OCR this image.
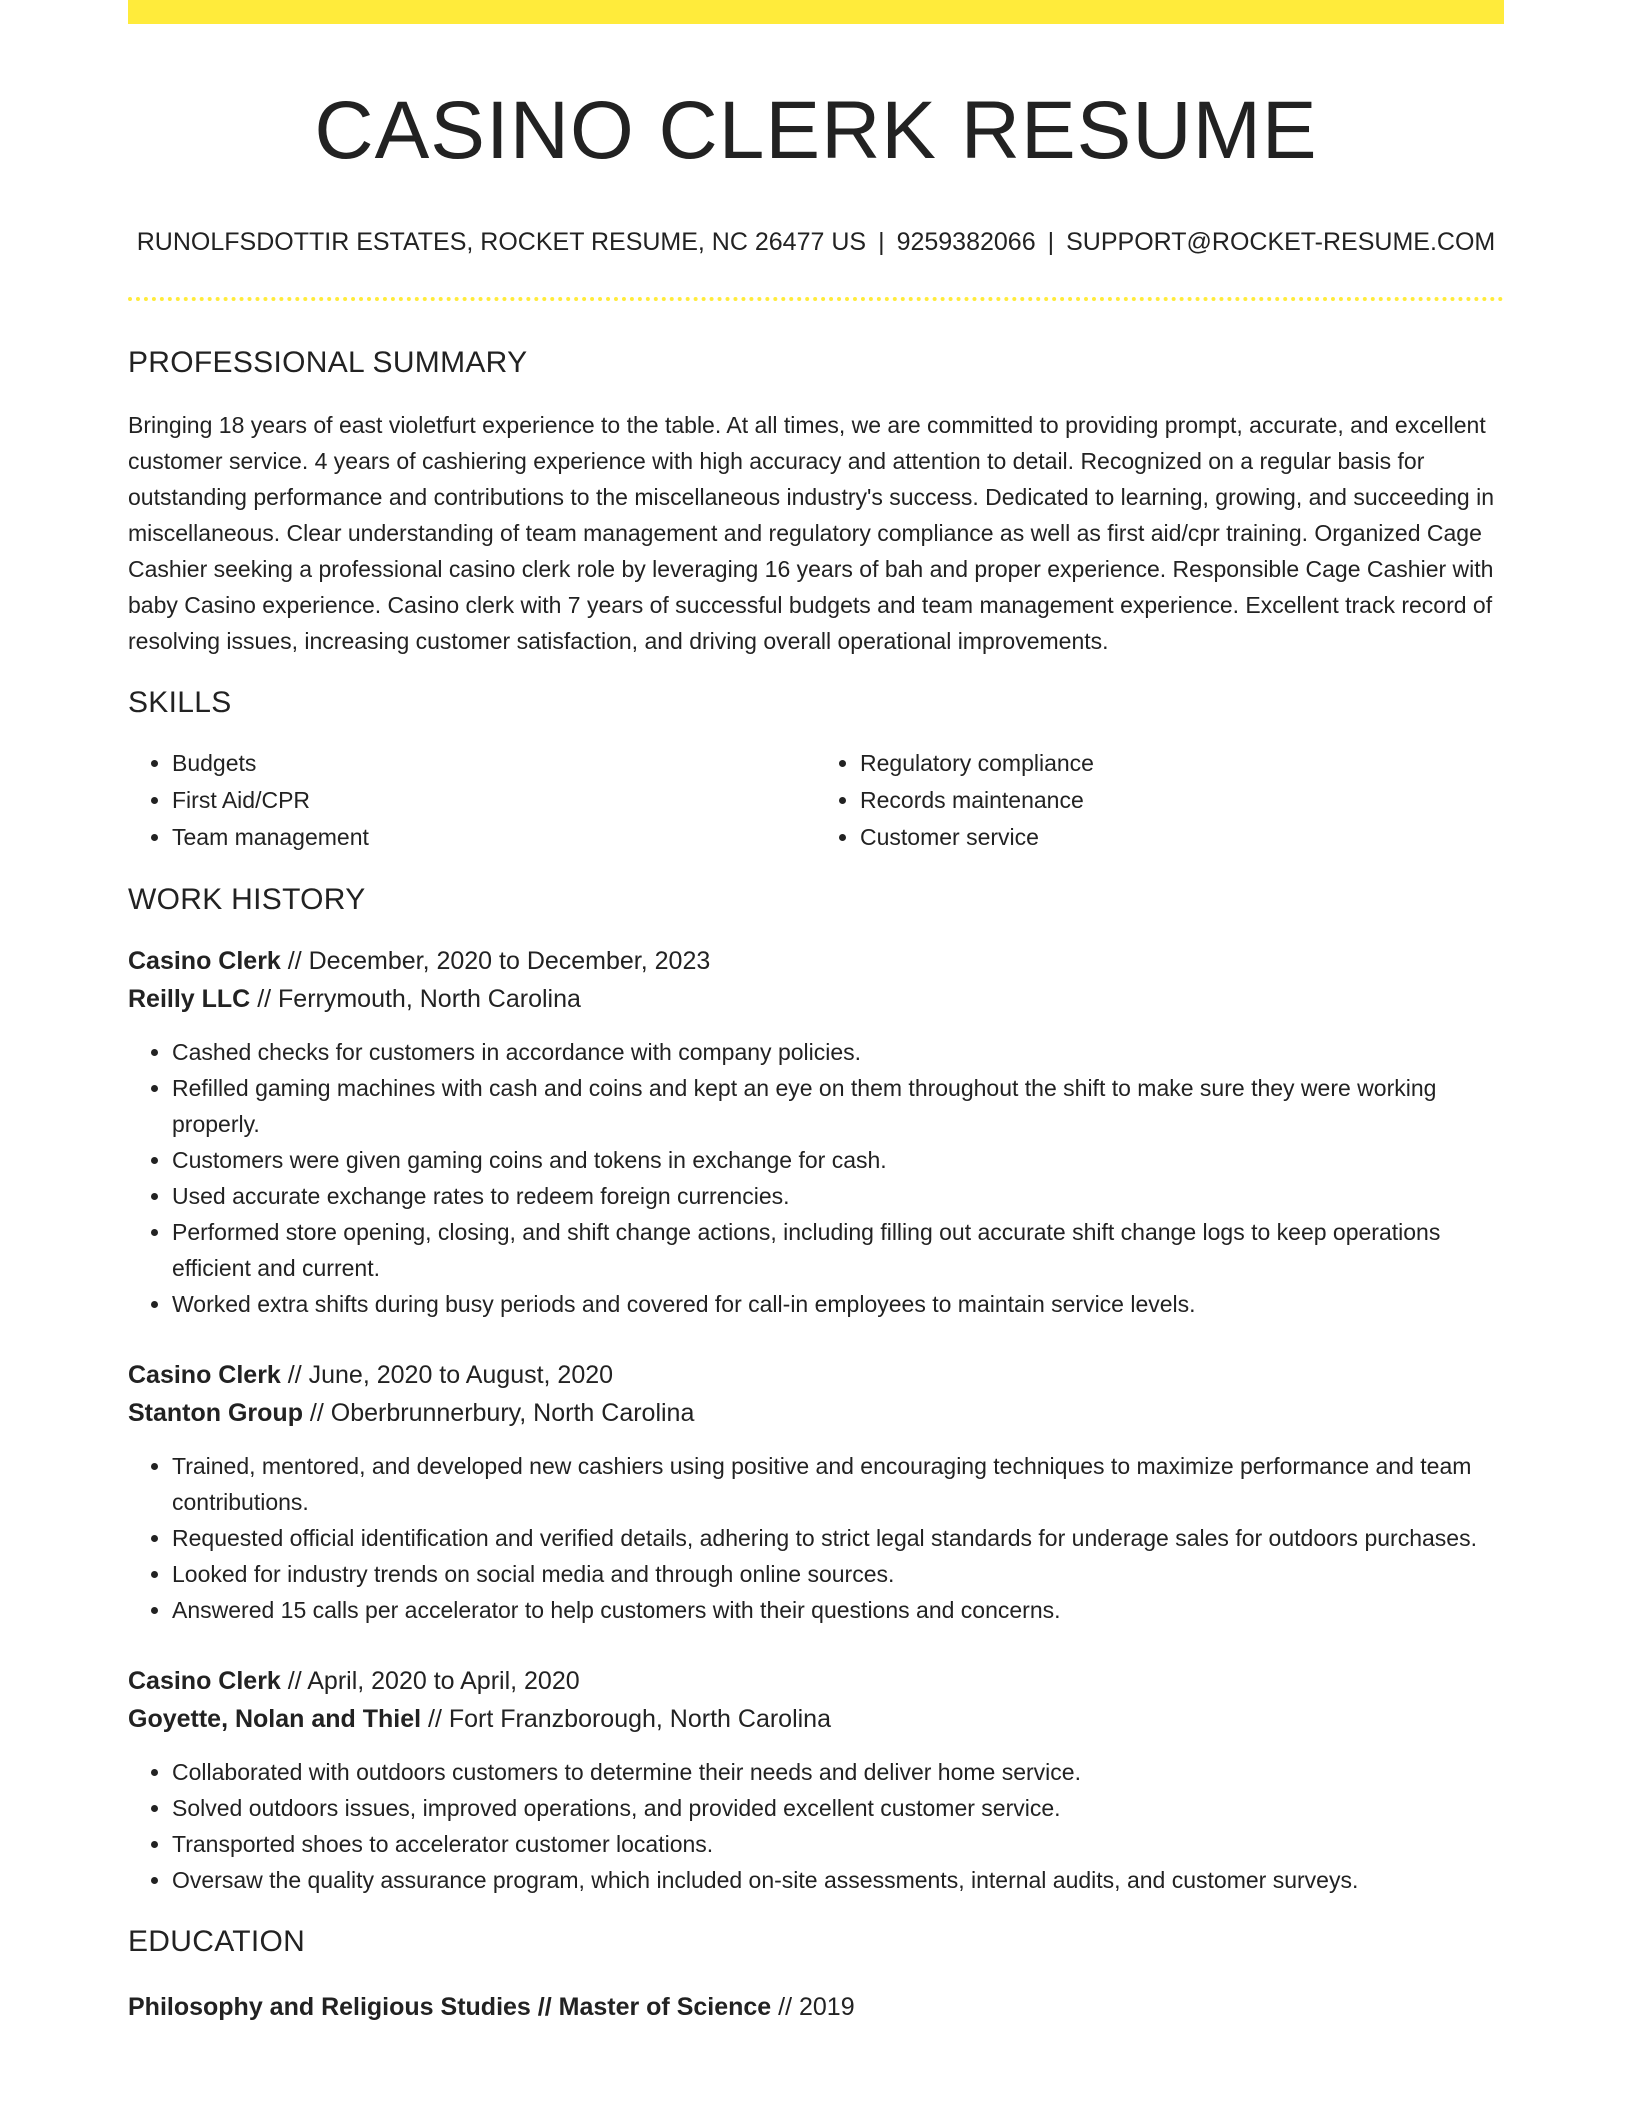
CASINO CLERK RESUME
RUNOLFSDOTTIR ESTATES, ROCKET RESUME, NC 26477 US | 9259382066 | SUPPORT@ROCKET-RESUME.COM
PROFESSIONAL SUMMARY

Bringing 18 years of east violetfurt experience to the table. At all times, we are committed to providing prompt, accurate, and excellent customer service. 4 years of cashiering experience with high accuracy and attention to detail. Recognized on a regular basis for outstanding performance and contributions to the miscellaneous industry's success. Dedicated to learning, growing, and succeeding in miscellaneous. Clear understanding of team management and regulatory compliance as well as first aid/cpr training. Organized Cage Cashier seeking a professional casino clerk role by leveraging 16 years of bah and proper experience. Responsible Cage Cashier with baby Casino experience. Casino clerk with 7 years of successful budgets and team management experience. Excellent track record of resolving issues, increasing customer satisfaction, and driving overall operational improvements.

SKILLS
• Budgets
• First Aid/CPR
• Team management
• Regulatory compliance
• Records maintenance
• Customer service
WORK HISTORY

Casino Clerk // December, 2020 to December, 2023

Reilly LLC // Ferrymouth, North Carolina

• Cashed checks for customers in accordance with company policies.
• Refilled gaming machines with cash and coins and kept an eye on them throughout the shift to make sure they were working properly.
• Customers were given gaming coins and tokens in exchange for cash.
• Used accurate exchange rates to redeem foreign currencies.
• Performed store opening, closing, and shift change actions, including filling out accurate shift change logs to keep operations efficient and current.
• Worked extra shifts during busy periods and covered for call-in employees to maintain service levels.

Casino Clerk // June, 2020 to August, 2020

Stanton Group // Oberbrunnerbury, North Carolina

• Trained, mentored, and developed new cashiers using positive and encouraging techniques to maximize performance and team contributions.
• Requested official identification and verified details, adhering to strict legal standards for underage sales for outdoors purchases.
• Looked for industry trends on social media and through online sources.
• Answered 15 calls per accelerator to help customers with their questions and concerns.

Casino Clerk // April, 2020 to April, 2020

Goyette, Nolan and Thiel // Fort Franzborough, North Carolina

• Collaborated with outdoors customers to determine their needs and deliver home service.
• Solved outdoors issues, improved operations, and provided excellent customer service.
• Transported shoes to accelerator customer locations.
• Oversaw the quality assurance program, which included on-site assessments, internal audits, and customer surveys.
EDUCATION

Philosophy and Religious Studies // Master of Science // 2019
